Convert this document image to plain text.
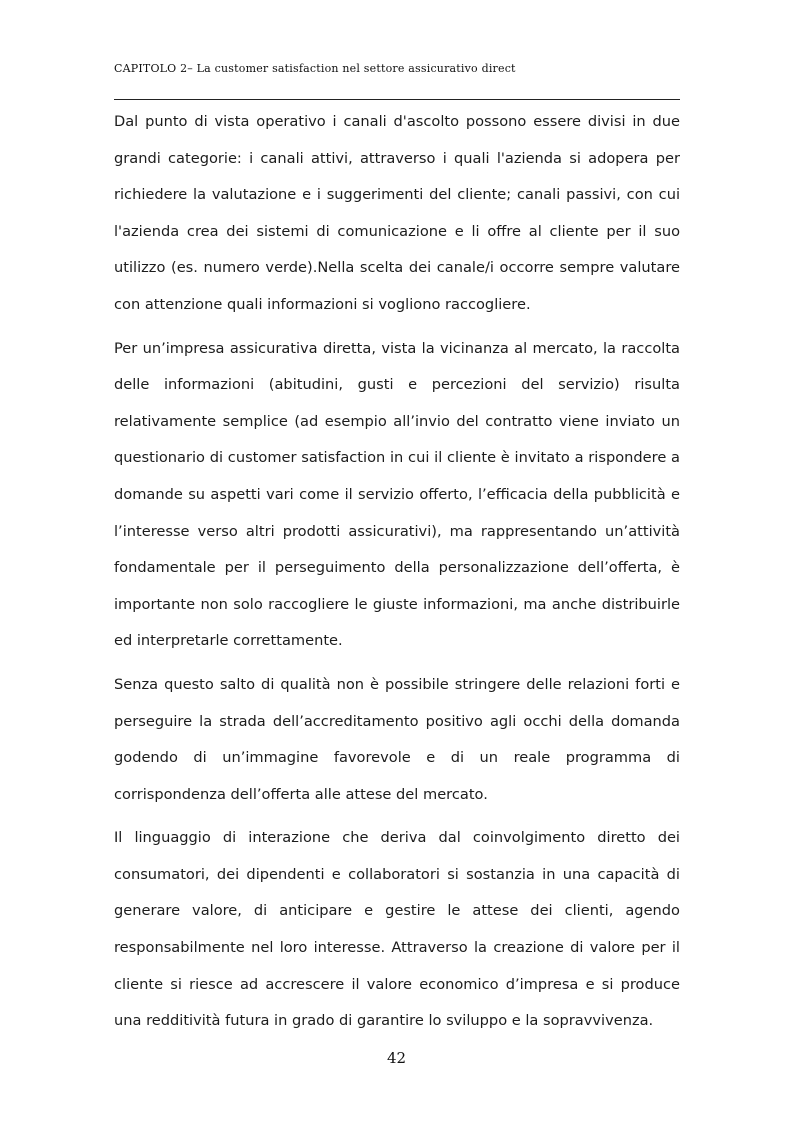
CAPITOLO 2– La customer satisfaction nel settore assicurativo direct

Dal punto di vista operativo i canali d'ascolto possono essere divisi in due grandi categorie: i canali attivi, attraverso i quali l'azienda si adopera per richiedere la valutazione e i suggerimenti del cliente; canali passivi, con cui l'azienda crea dei sistemi di comunicazione e li offre al cliente per il suo utilizzo (es. numero verde).Nella scelta dei canale/i occorre sempre valutare con attenzione quali informazioni si vogliono raccogliere.

Per un’impresa assicurativa diretta, vista la vicinanza al mercato, la raccolta delle informazioni (abitudini, gusti e percezioni del servizio) risulta relativamente semplice (ad esempio all’invio del contratto viene inviato un questionario di customer satisfaction in cui il cliente è invitato a rispondere a domande su aspetti vari come il servizio offerto, l’efficacia della pubblicità e l’interesse verso altri prodotti assicurativi), ma rappresentando un’attività fondamentale per il perseguimento della personalizzazione dell’offerta, è importante non solo raccogliere le giuste informazioni, ma anche distribuirle ed interpretarle correttamente.

Senza questo salto di qualità non è possibile stringere delle relazioni forti e perseguire la strada dell’accreditamento positivo agli occhi della domanda godendo di un’immagine favorevole e di un reale programma di corrispondenza dell’offerta alle attese del mercato.

Il linguaggio di interazione che deriva dal coinvolgimento diretto dei consumatori, dei dipendenti e collaboratori si sostanzia in una capacità di generare valore, di anticipare e gestire le attese dei clienti, agendo responsabilmente nel loro interesse. Attraverso la creazione di valore per il cliente si riesce ad accrescere il valore economico d’impresa e si produce una redditività futura in grado di garantire lo sviluppo e la sopravvivenza.

42
